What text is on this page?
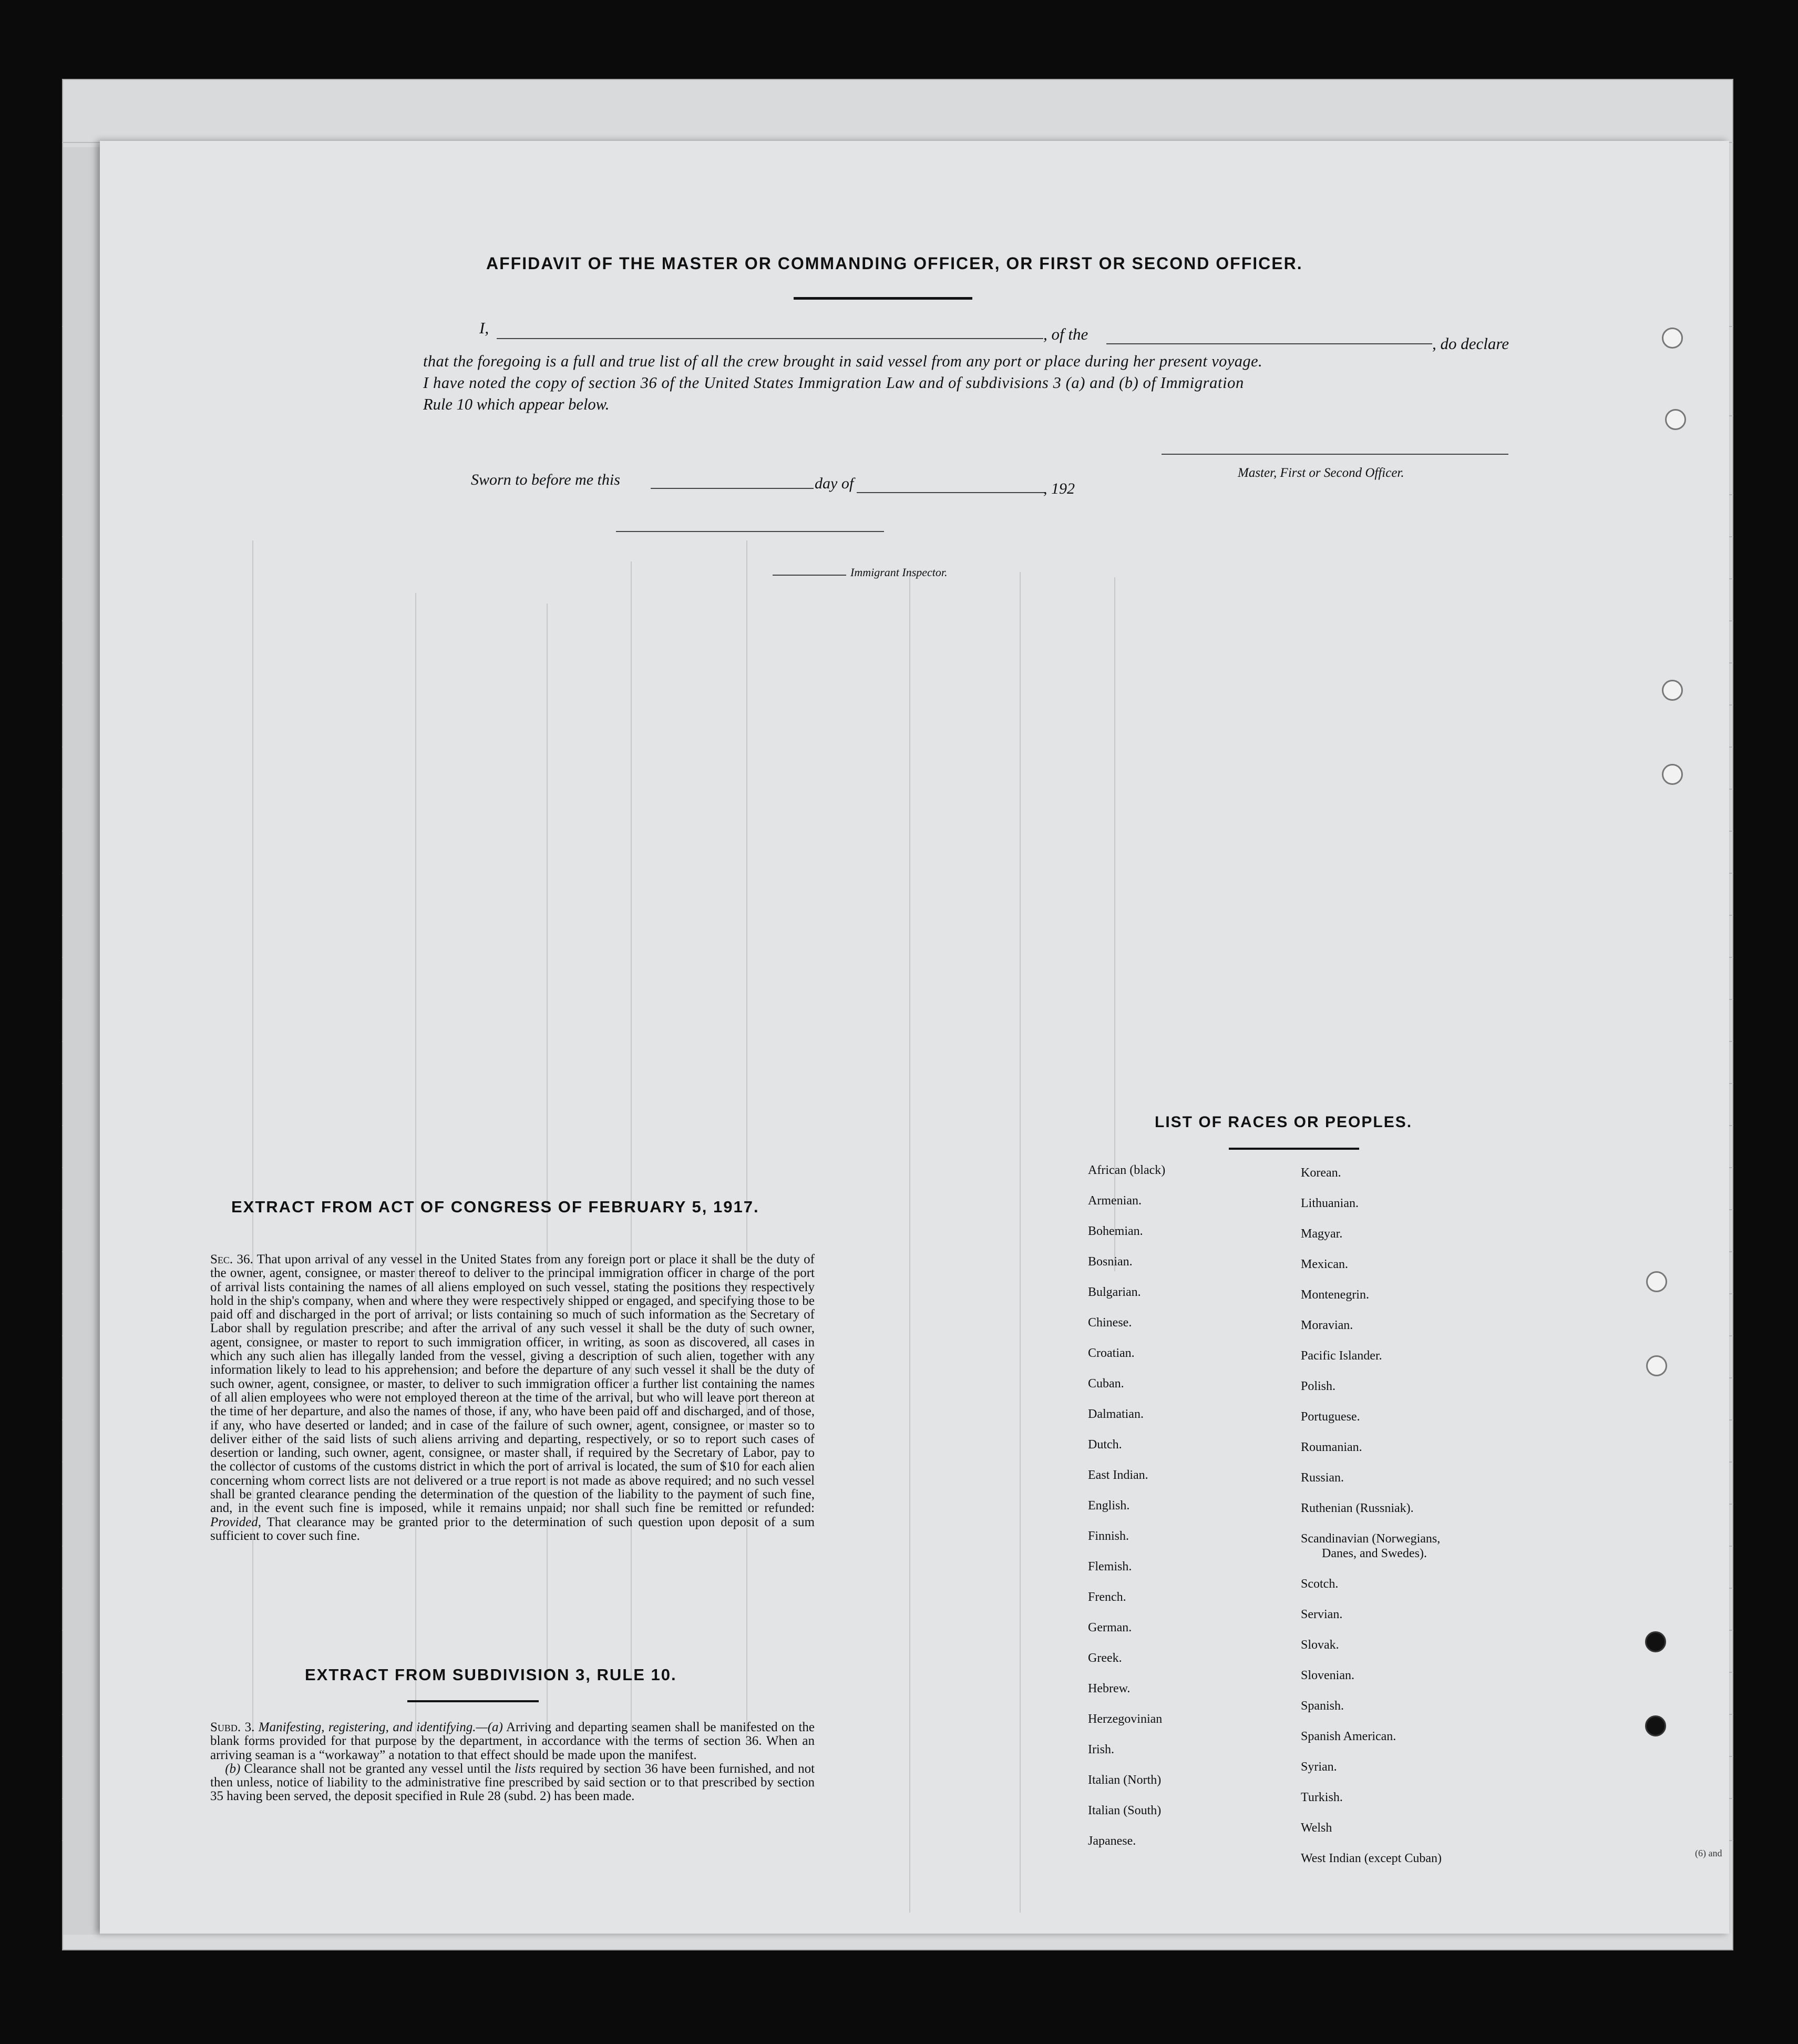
AFFIDAVIT OF THE MASTER OR COMMANDING OFFICER, OR FIRST OR SECOND OFFICER.
I,	, of the
, do declare
that the foregoing is a full and true list of all the crew brought in said vessel from any port or place during her present voyage.
I have noted the copy of section 36 of the United States Immigration Law and of subdivisions 3 (a) and (b) of Immigration
Rule 10 which appear below.
Master, First or Second Officer.
Sworn to before me this	day of	, 192
Immigrant Inspector.
EXTRACT FROM ACT OF CONGRESS OF FEBRUARY 5, 1917.
Sec. 36. That upon arrival of any vessel in the United States from any foreign port or place it shall be the duty of the owner, agent, consignee, or master thereof to deliver to the principal immigration officer in charge of the port of arrival lists containing the names of all aliens employed on such vessel, stating the positions they respectively hold in the ship's company, when and where they were respectively shipped or engaged, and specifying those to be paid off and discharged in the port of arrival; or lists containing so much of such information as the Secretary of Labor shall by regulation prescribe; and after the arrival of any such vessel it shall be the duty of such owner, agent, consignee, or master to report to such immigration officer, in writing, as soon as discovered, all cases in which any such alien has illegally landed from the vessel, giving a description of such alien, together with any information likely to lead to his apprehension; and before the departure of any such vessel it shall be the duty of such owner, agent, consignee, or master, to deliver to such immigration officer a further list containing the names of all alien employees who were not employed thereon at the time of the arrival, but who will leave port thereon at the time of her departure, and also the names of those, if any, who have been paid off and discharged, and of those, if any, who have deserted or landed; and in case of the failure of such owner, agent, consignee, or master so to deliver either of the said lists of such aliens arriving and departing, respectively, or so to report such cases of desertion or landing, such owner, agent, consignee, or master shall, if required by the Secretary of Labor, pay to the collector of customs of the customs district in which the port of arrival is located, the sum of $10 for each alien concerning whom correct lists are not delivered or a true report is not made as above required; and no such vessel shall be granted clearance pending the determination of the question of the liability to the payment of such fine, and, in the event such fine is imposed, while it remains unpaid; nor shall such fine be remitted or refunded: Provided, That clearance may be granted prior to the determination of such question upon deposit of a sum sufficient to cover such fine.
EXTRACT FROM SUBDIVISION 3, RULE 10.
Subd. 3. Manifesting, registering, and identifying.—(a) Arriving and departing seamen shall be manifested on the blank forms provided for that purpose by the department, in accordance with the terms of section 36. When an arriving seaman is a “workaway” a notation to that effect should be made upon the manifest.
(b) Clearance shall not be granted any vessel until the lists required by section 36 have been furnished, and not then unless, notice of liability to the administrative fine prescribed by said section or to that prescribed by section 35 having been served, the deposit specified in Rule 28 (subd. 2) has been made.
LIST OF RACES OR PEOPLES.
African (black)
Armenian.
Bohemian.
Bosnian.
Bulgarian.
Chinese.
Croatian.
Cuban.
Dalmatian.
Dutch.
East Indian.
English.
Finnish.
Flemish.
French.
German.
Greek.
Hebrew.
Herzegovinian
Irish.
Italian (North)
Italian (South)
Japanese.
Korean.
Lithuanian.
Magyar.
Mexican.
Montenegrin.
Moravian.
Pacific Islander.
Polish.
Portuguese.
Roumanian.
Russian.
Ruthenian (Russniak).
Scandinavian (Norwegians,
Danes, and Swedes).
Scotch.
Servian.
Slovak.
Slovenian.
Spanish.
Spanish American.
Syrian.
Turkish.
Welsh
West Indian (except Cuban)	(6) and
